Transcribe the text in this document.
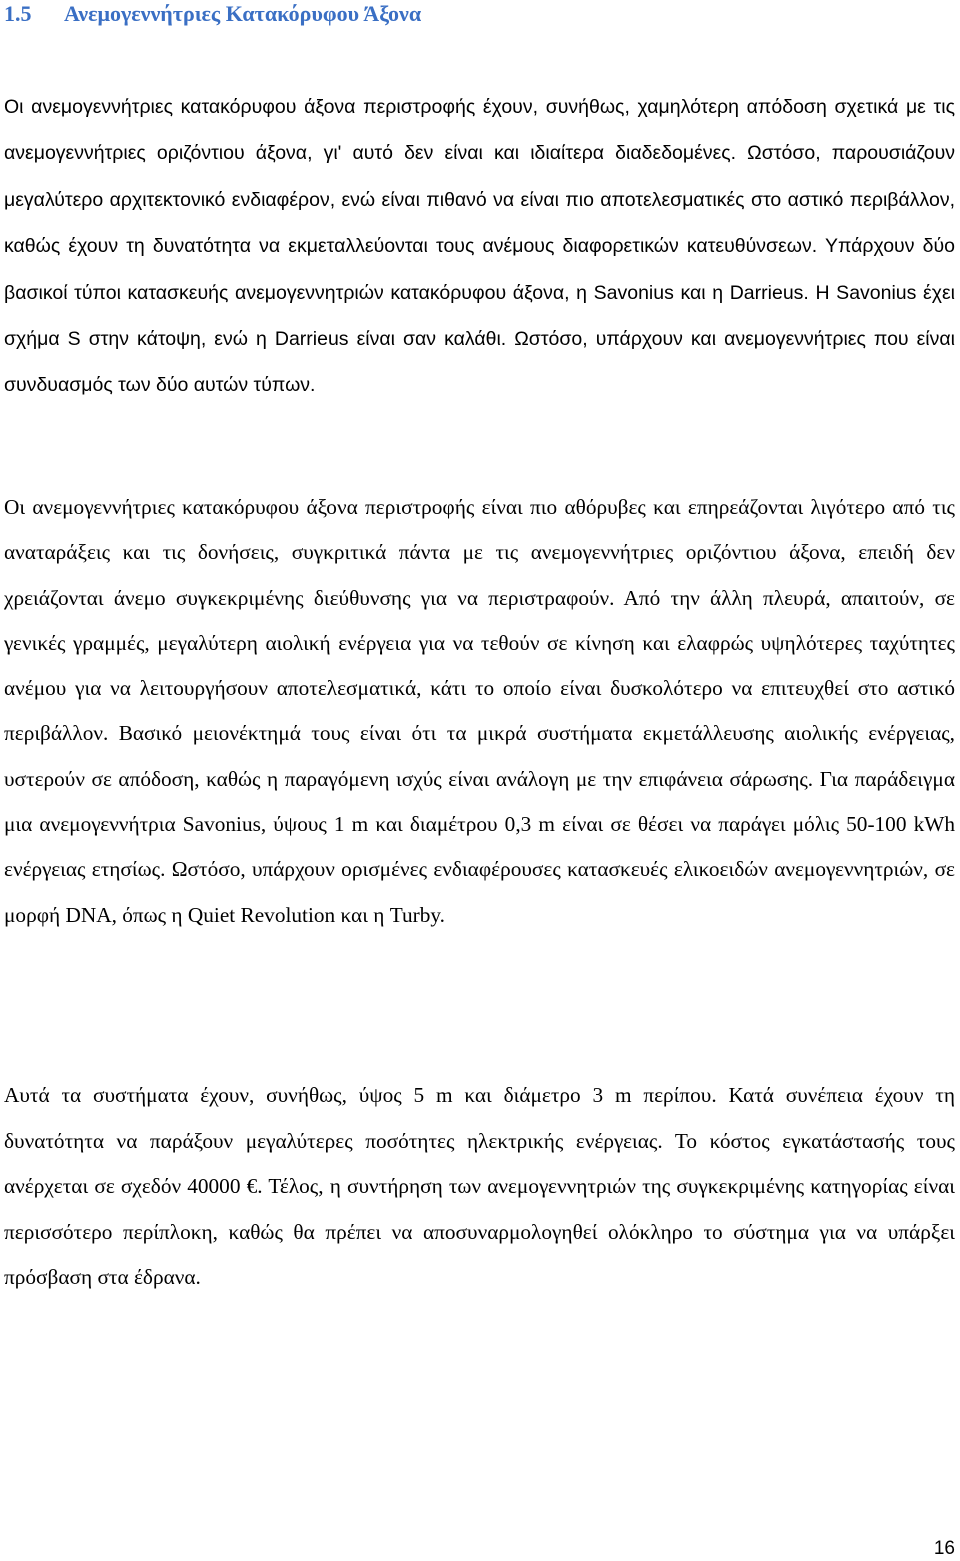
1.5 Ανεμογεννήτριες Κατακόρυφου Άξονα

Οι ανεμογεννήτριες κατακόρυφου άξονα περιστροφής έχουν, συνήθως, χαμηλότερη απόδοση σχετικά με τις ανεμογεννήτριες οριζόντιου άξονα, γι' αυτό δεν είναι και ιδιαίτερα διαδεδομένες. Ωστόσο, παρουσιάζουν μεγαλύτερο αρχιτεκτονικό ενδιαφέρον, ενώ είναι πιθανό να είναι πιο αποτελεσματικές στο αστικό περιβάλλον, καθώς έχουν τη δυνατότητα να εκμεταλλεύονται τους ανέμους διαφορετικών κατευθύνσεων. Υπάρχουν δύο βασικοί τύποι κατασκευής ανεμογεννητριών κατακόρυφου άξονα, η Savonius και η Darrieus. Η Savonius έχει σχήμα S στην κάτοψη, ενώ η Darrieus είναι σαν καλάθι. Ωστόσο, υπάρχουν και ανεμογεννήτριες που είναι συνδυασμός των δύο αυτών τύπων.

Οι ανεμογεννήτριες κατακόρυφου άξονα περιστροφής είναι πιο αθόρυβες και επηρεάζονται λιγότερο από τις αναταράξεις και τις δονήσεις, συγκριτικά πάντα με τις ανεμογεννήτριες οριζόντιου άξονα, επειδή δεν χρειάζονται άνεμο συγκεκριμένης διεύθυνσης για να περιστραφούν. Από την άλλη πλευρά, απαιτούν, σε γενικές γραμμές, μεγαλύτερη αιολική ενέργεια για να τεθούν σε κίνηση και ελαφρώς υψηλότερες ταχύτητες ανέμου για να λειτουργήσουν αποτελεσματικά, κάτι το οποίο είναι δυσκολότερο να επιτευχθεί στο αστικό περιβάλλον. Βασικό μειονέκτημά τους είναι ότι τα μικρά συστήματα εκμετάλλευσης αιολικής ενέργειας, υστερούν σε απόδοση, καθώς η παραγόμενη ισχύς είναι ανάλογη με την επιφάνεια σάρωσης. Για παράδειγμα μια ανεμογεννήτρια Savonius, ύψους 1 m και διαμέτρου 0,3 m είναι σε θέσει να παράγει μόλις 50-100 kWh ενέργειας ετησίως. Ωστόσο, υπάρχουν ορισμένες ενδιαφέρουσες κατασκευές ελικοειδών ανεμογεννητριών, σε μορφή DNA, όπως η Quiet Revolution και η Turby.

Αυτά τα συστήματα έχουν, συνήθως, ύψος 5 m και διάμετρο 3 m περίπου. Κατά συνέπεια έχουν τη δυνατότητα να παράξουν μεγαλύτερες ποσότητες ηλεκτρικής ενέργειας. Το κόστος εγκατάστασής τους ανέρχεται σε σχεδόν 40000 €. Τέλος, η συντήρηση των ανεμογεννητριών της συγκεκριμένης κατηγορίας είναι περισσότερο περίπλοκη, καθώς θα πρέπει να αποσυναρμολογηθεί ολόκληρο το σύστημα για να υπάρξει πρόσβαση στα έδρανα.

16
